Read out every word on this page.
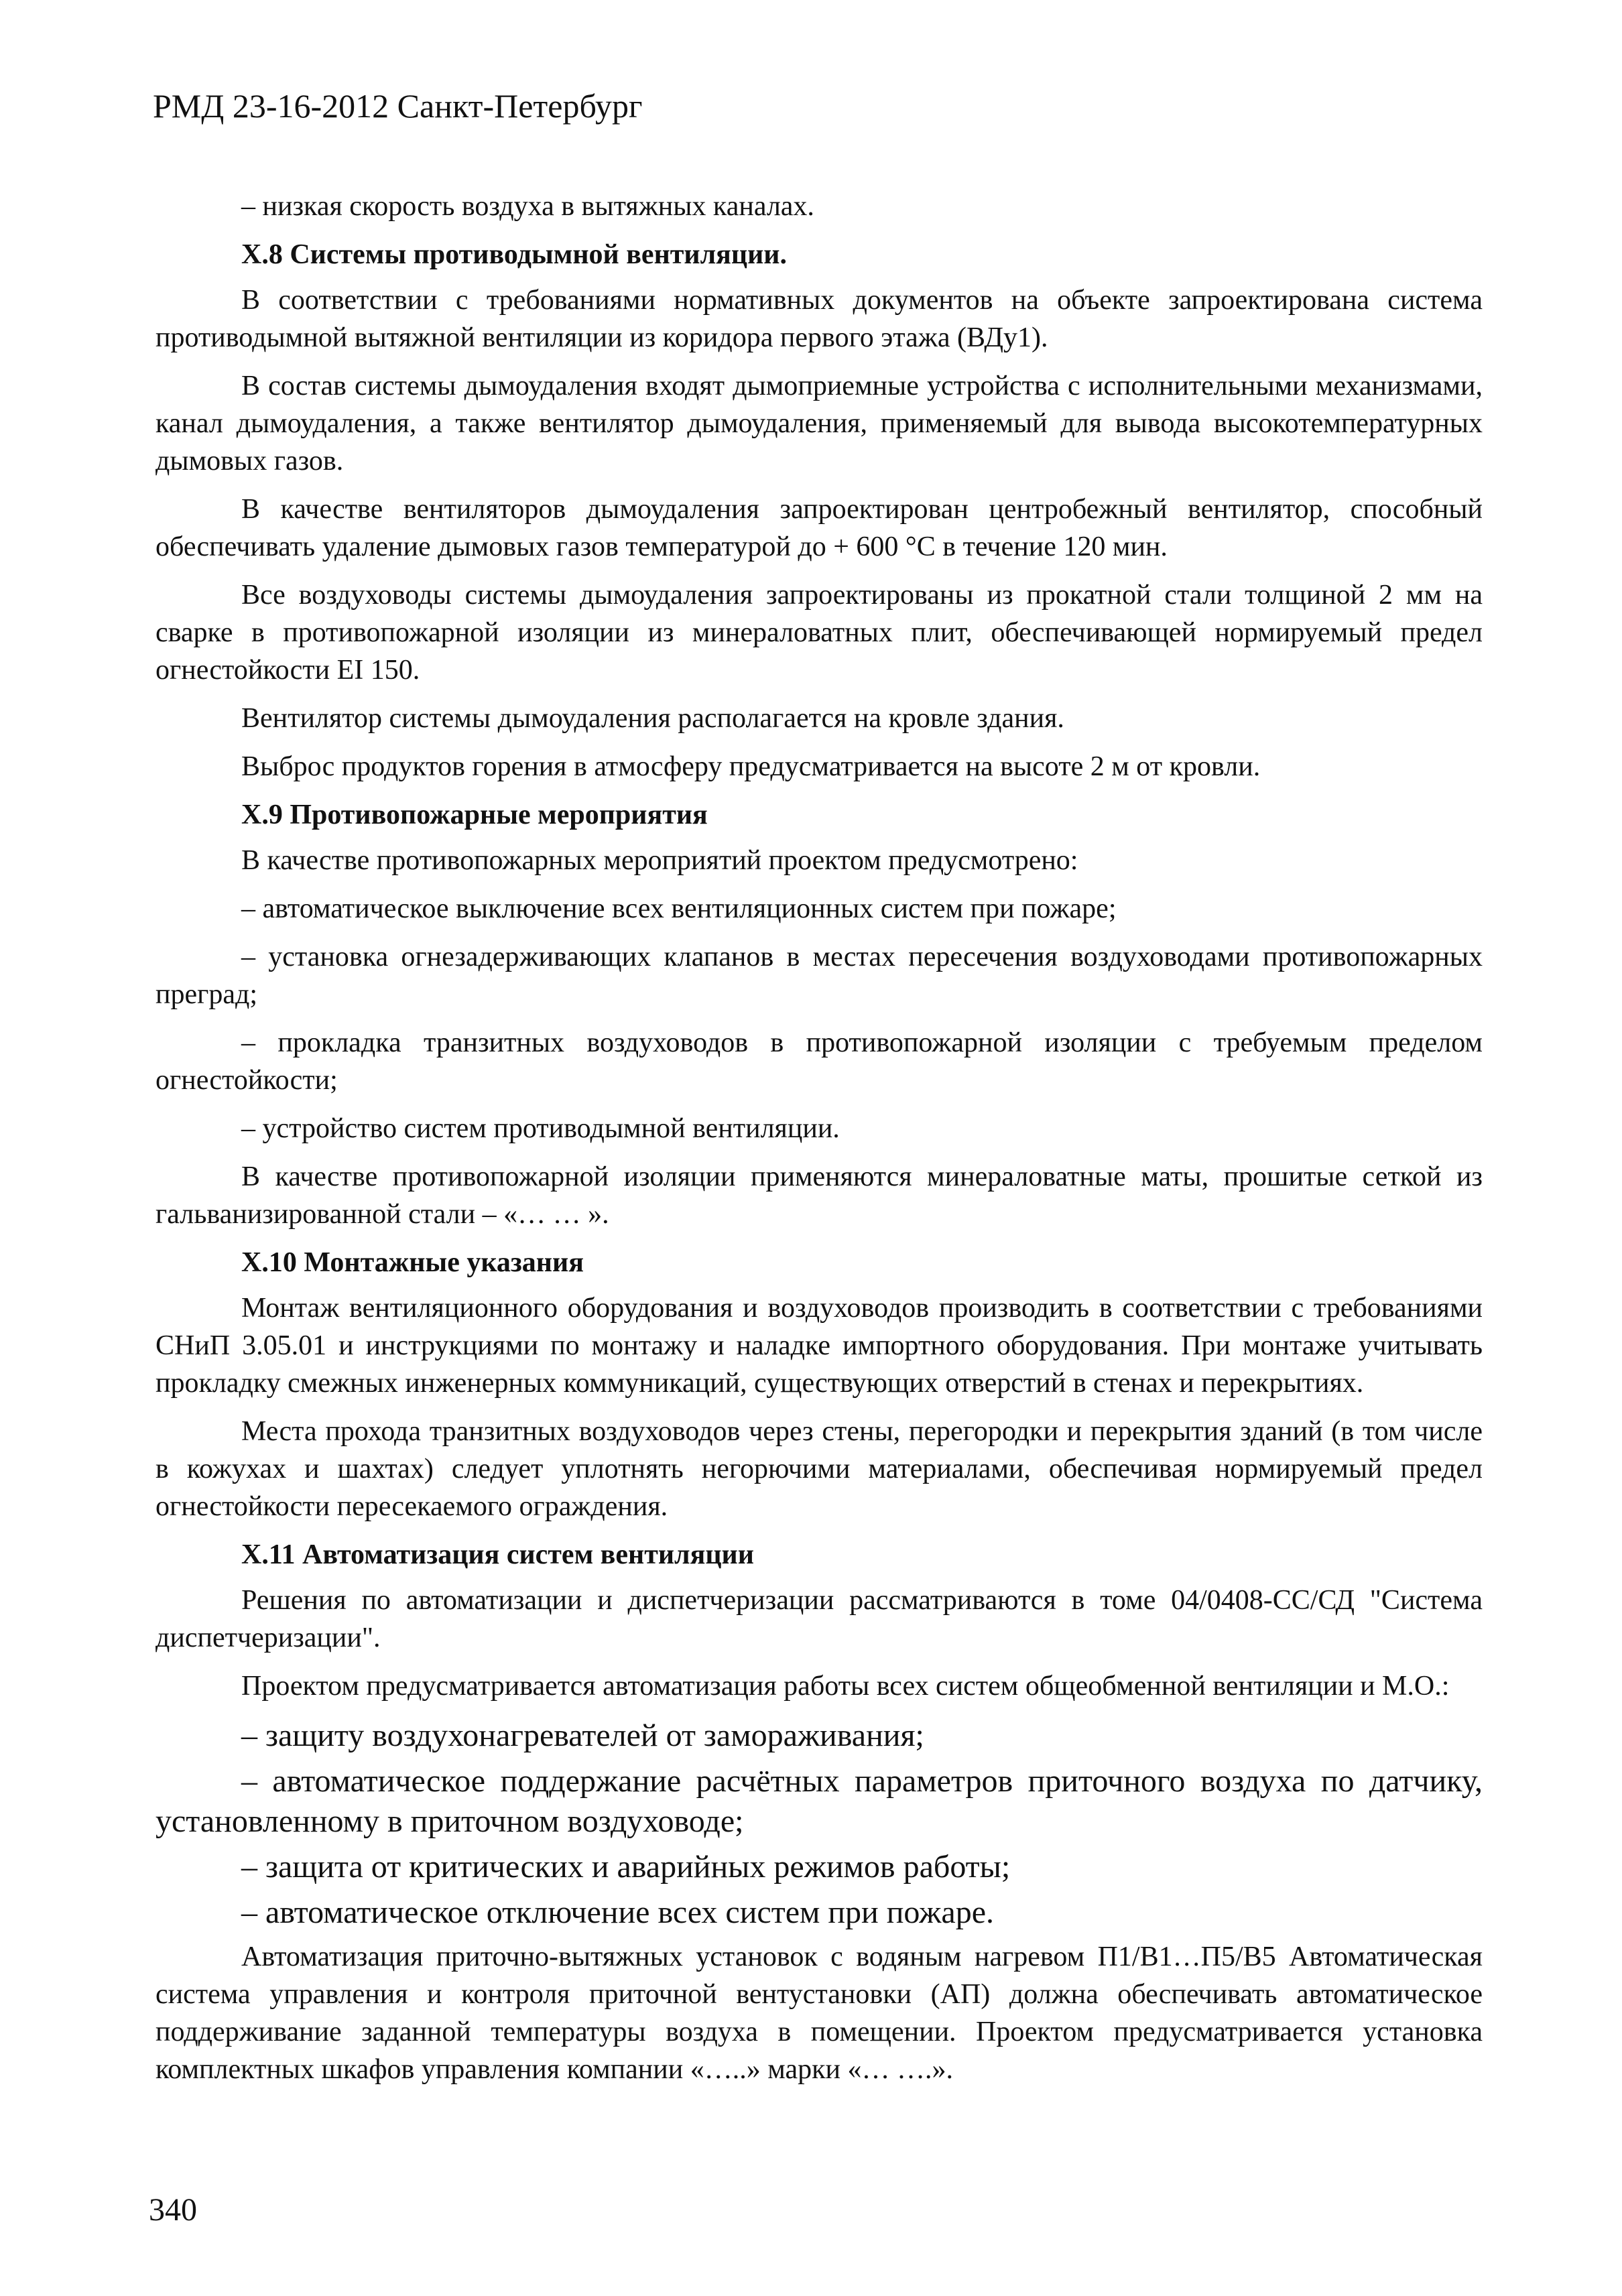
РМД 23-16-2012 Санкт-Петербург

– низкая скорость воздуха в вытяжных каналах.

X.8 Системы противодымной вентиляции.

В соответствии с требованиями нормативных документов на объекте запроектирована система противодымной вытяжной вентиляции из коридора первого этажа (ВДу1).

В состав системы дымоудаления входят дымоприемные устройства с исполнительными механизмами, канал дымоудаления, а также вентилятор дымоудаления, применяемый для вывода высокотемпературных дымовых газов.

В качестве вентиляторов дымоудаления запроектирован центробежный вентилятор, способный обеспечивать удаление дымовых газов температурой до + 600 °С в течение 120 мин.

Все воздуховоды системы дымоудаления запроектированы из прокатной стали толщиной 2 мм на сварке в противопожарной изоляции из минераловатных плит, обеспечивающей нормируемый предел огнестойкости EI 150.

Вентилятор системы дымоудаления располагается на кровле здания.

Выброс продуктов горения в атмосферу предусматривается на высоте 2 м от кровли.

X.9 Противопожарные мероприятия

В качестве противопожарных мероприятий проектом предусмотрено:

– автоматическое выключение всех вентиляционных систем при пожаре;

– установка огнезадерживающих клапанов в местах пересечения воздуховодами противопожарных преград;

– прокладка транзитных воздуховодов в противопожарной изоляции с требуемым пределом огнестойкости;

– устройство систем противодымной вентиляции.

В качестве противопожарной изоляции применяются минераловатные маты, прошитые сеткой из гальванизированной стали – «… … ».

X.10 Монтажные указания

Монтаж вентиляционного оборудования и воздуховодов производить в соответствии с требованиями СНиП 3.05.01 и инструкциями по монтажу и наладке импортного оборудования. При монтаже учитывать прокладку смежных инженерных коммуникаций, существующих отверстий в стенах и перекрытиях.

Места прохода транзитных воздуховодов через стены, перегородки и перекрытия зданий (в том числе в кожухах и шахтах) следует уплотнять негорючими материалами, обеспечивая нормируемый предел огнестойкости пересекаемого ограждения.

X.11 Автоматизация систем вентиляции

Решения по автоматизации и диспетчеризации рассматриваются в томе 04/0408-СС/СД "Система диспетчеризации".

Проектом предусматривается автоматизация работы всех систем общеобменной вентиляции и М.О.:

– защиту воздухонагревателей от замораживания;

– автоматическое поддержание расчётных параметров приточного воздуха по датчику, установленному в приточном воздуховоде;

– защита от критических и аварийных режимов работы;

– автоматическое отключение всех систем при пожаре.

Автоматизация приточно-вытяжных установок с водяным нагревом П1/В1…П5/В5 Автоматическая система управления и контроля приточной вентустановки (АП) должна обеспечивать автоматическое поддерживание заданной температуры воздуха в помещении. Проектом предусматривается установка комплектных шкафов управления компании «…..» марки «… ….».

340
